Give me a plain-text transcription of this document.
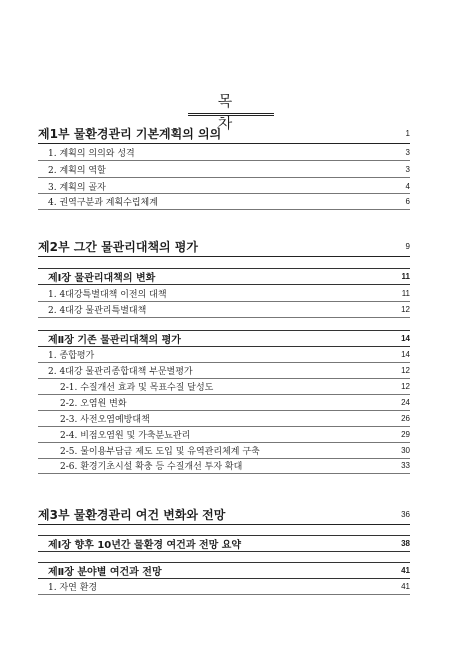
목 차
제1부 물환경관리 기본계획의 의의	1
1. 계획의 의의와 성격	3
2. 계획의 역할	3
3. 계획의 골자	4
4. 권역구분과 계획수립체계	6
제2부 그간 물관리대책의 평가	9
제Ⅰ장 물관리대책의 변화	11
1. 4대강특별대책 이전의 대책	11
2. 4대강 물관리특별대책	12
제Ⅱ장 기존 물관리대책의 평가	14
1. 종합평가	14
2. 4대강 물관리종합대책 부문별평가	12
2-1. 수질개선 효과 및 목표수질 달성도	12
2-2. 오염원 변화	24
2-3. 사전오염예방대책	26
2-4. 비점오염원 및 가축분뇨관리	29
2-5. 물이용부담금 제도 도입 및 유역관리체계 구축	30
2-6. 환경기초시설 확충 등 수질개선 투자 확대	33
제3부 물환경관리 여건 변화와 전망	36
제Ⅰ장 향후 10년간 물환경 여건과 전망 요약	38
제Ⅱ장 분야별 여건과 전망	41
1. 자연 환경	41
